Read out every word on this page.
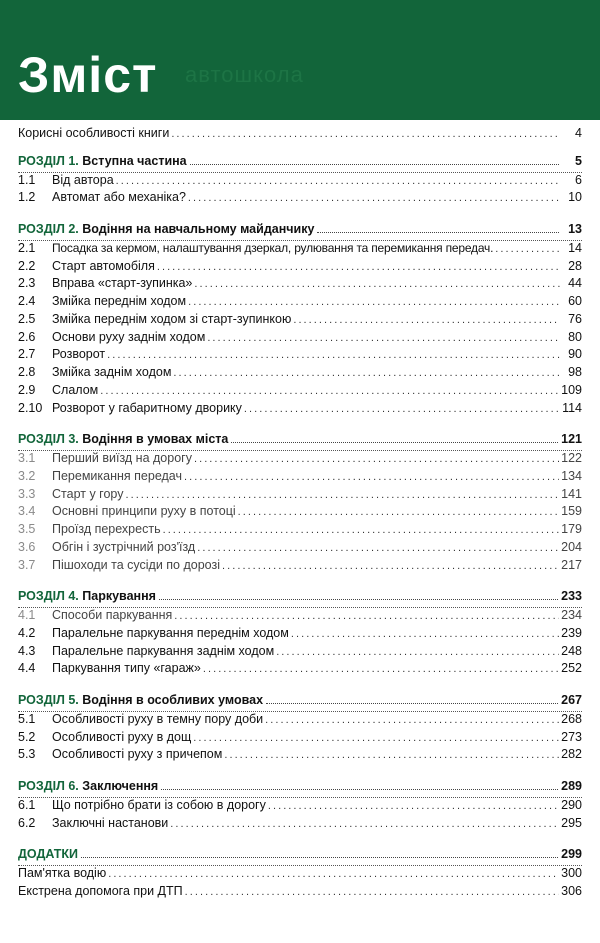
автошкола
Зміст
Корисні особливості книги . . .	4
РОЗДІЛ 1. Вступна частина	5
1.1	Від автора . . .	6
1.2	Автомат або механіка? . . .	10
РОЗДІЛ 2. Водіння на навчальному майданчику	13
2.1	Посадка за кермом, налаштування дзеркал, рулювання та перемикання передач. . . .	14
2.2	Старт автомобіля . . .	28
2.3	Вправа «старт-зупинка» . . .	44
2.4	Змійка переднім ходом . . .	60
2.5	Змійка переднім ходом зі старт-зупинкою . . .	76
2.6	Основи руху заднім ходом . . .	80
2.7	Розворот . . .	90
2.8	Змійка заднім ходом . . .	98
2.9	Слалом . . .	109
2.10 Розворот у габаритному дворику . . .	114
РОЗДІЛ 3. Водіння в умовах міста	121
3.1	Перший виїзд на дорогу . . .	122
3.2	Перемикання передач . . .	134
3.3	Старт у гору . . .	141
3.4	Основні принципи руху в потоці . . .	159
3.5	Проїзд перехресть . . .	179
3.6	Обгін і зустрічний роз'їзд . . .	204
3.7	Пішоходи та сусіди по дорозі . . .	217
РОЗДІЛ 4. Паркування	233
4.1	Способи паркування . . .	234
4.2	Паралельне паркування переднім ходом . . .	239
4.3	Паралельне паркування заднім ходом . . .	248
4.4	Паркування типу «гараж» . . .	252
РОЗДІЛ 5. Водіння в особливих умовах	267
5.1	Особливості руху в темну пору доби . . .	268
5.2	Особливості руху в дощ . . .	273
5.3	Особливості руху з причепом . . .	282
РОЗДІЛ 6. Заключення	289
6.1	Що потрібно брати із собою в дорогу . . .	290
6.2	Заключні настанови . . .	295
ДОДАТКИ	299
Пам'ятка водію . . .	300
Екстрена допомога при ДТП . . .	306
